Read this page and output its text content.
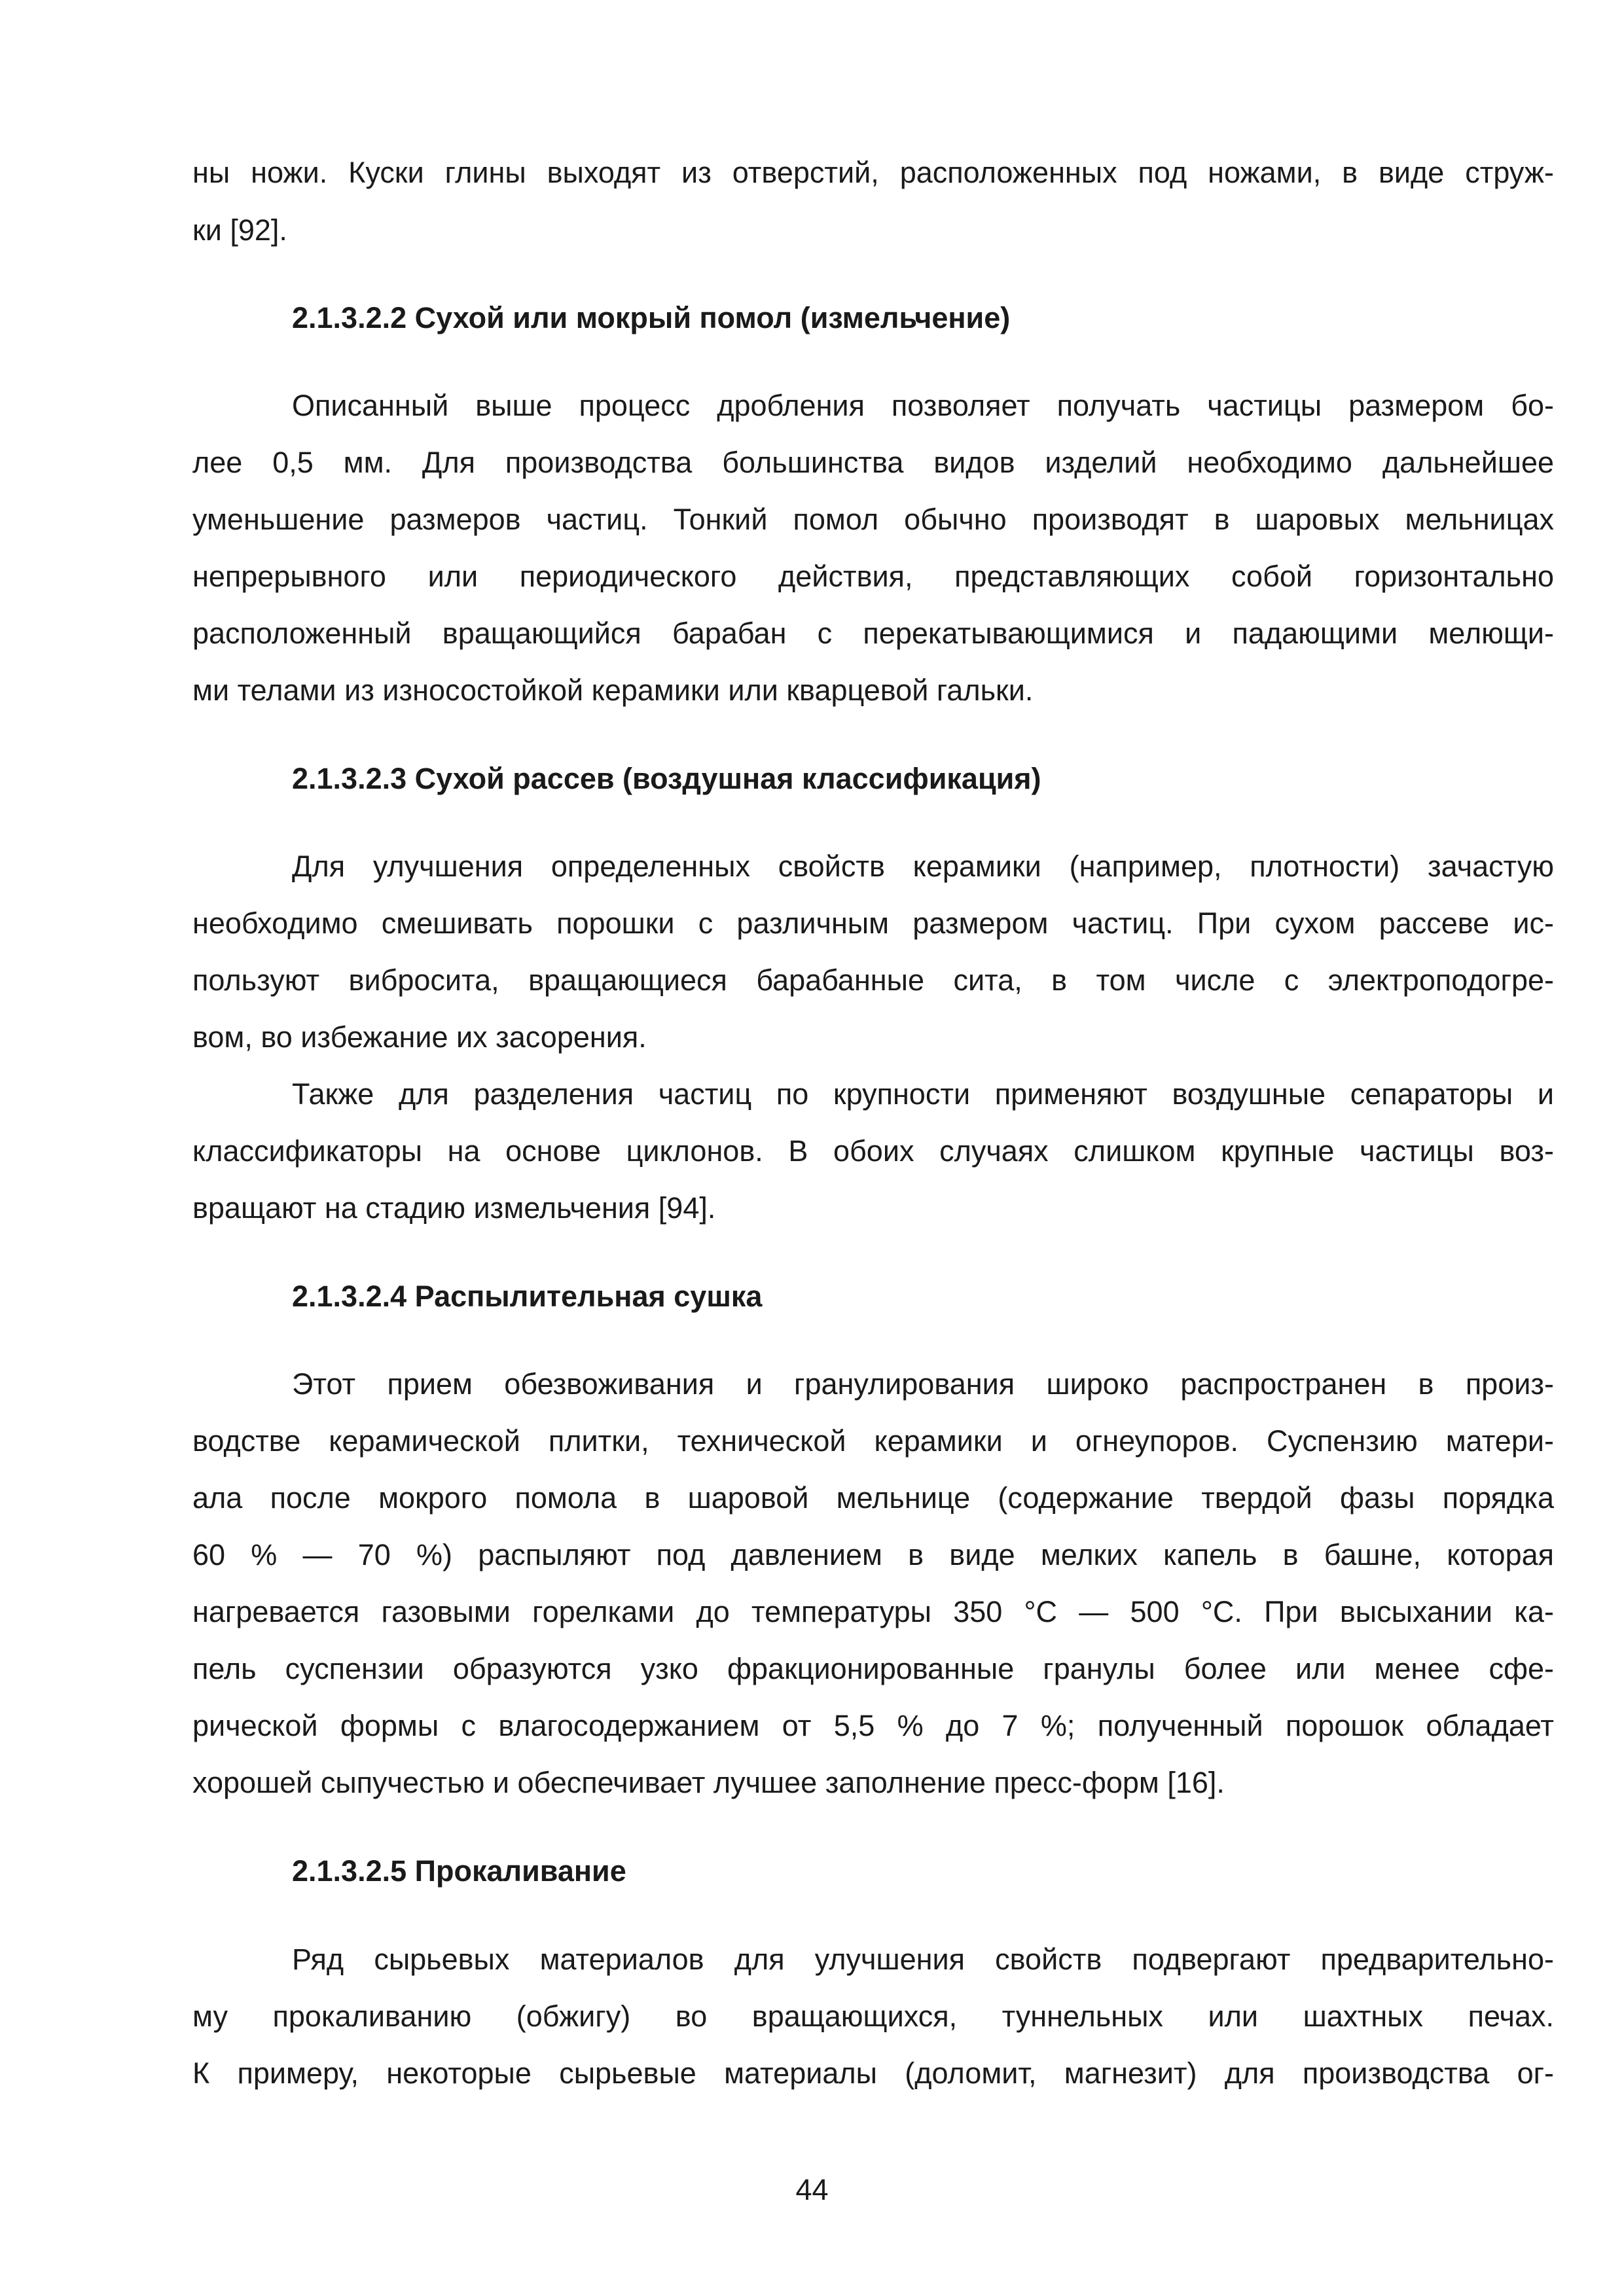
ны ножи. Куски глины выходят из отверстий, расположенных под ножами, в виде струж-
ки [92].
2.1.3.2.2 Сухой или мокрый помол (измельчение)
Описанный выше процесс дробления позволяет получать частицы размером бо-
лее 0,5 мм. Для производства большинства видов изделий необходимо дальнейшее
уменьшение размеров частиц. Тонкий помол обычно производят в шаровых мельницах
непрерывного или периодического действия, представляющих собой горизонтально
расположенный вращающийся барабан с перекатывающимися и падающими мелющи-
ми телами из износостойкой керамики или кварцевой гальки.
2.1.3.2.3 Сухой рассев (воздушная классификация)
Для улучшения определенных свойств керамики (например, плотности) зачастую
необходимо смешивать порошки с различным размером частиц. При сухом рассеве ис-
пользуют вибросита, вращающиеся барабанные сита, в том числе с электроподогре-
вом, во избежание их засорения.
Также для разделения частиц по крупности применяют воздушные сепараторы и
классификаторы на основе циклонов. В обоих случаях слишком крупные частицы воз-
вращают на стадию измельчения [94].
2.1.3.2.4 Распылительная сушка
Этот прием обезвоживания и гранулирования широко распространен в произ-
водстве керамической плитки, технической керамики и огнеупоров. Суспензию матери-
ала после мокрого помола в шаровой мельнице (содержание твердой фазы порядка
60 % — 70 %) распыляют под давлением в виде мелких капель в башне, которая
нагревается газовыми горелками до температуры 350 °С — 500 °С. При высыхании ка-
пель суспензии образуются узко фракционированные гранулы более или менее сфе-
рической формы с влагосодержанием от 5,5 % до 7 %; полученный порошок обладает
хорошей сыпучестью и обеспечивает лучшее заполнение пресс-форм [16].
2.1.3.2.5 Прокаливание
Ряд сырьевых материалов для улучшения свойств подвергают предварительно-
му прокаливанию (обжигу) во вращающихся, туннельных или шахтных печах.
К примеру, некоторые сырьевые материалы (доломит, магнезит) для производства ог-
44
